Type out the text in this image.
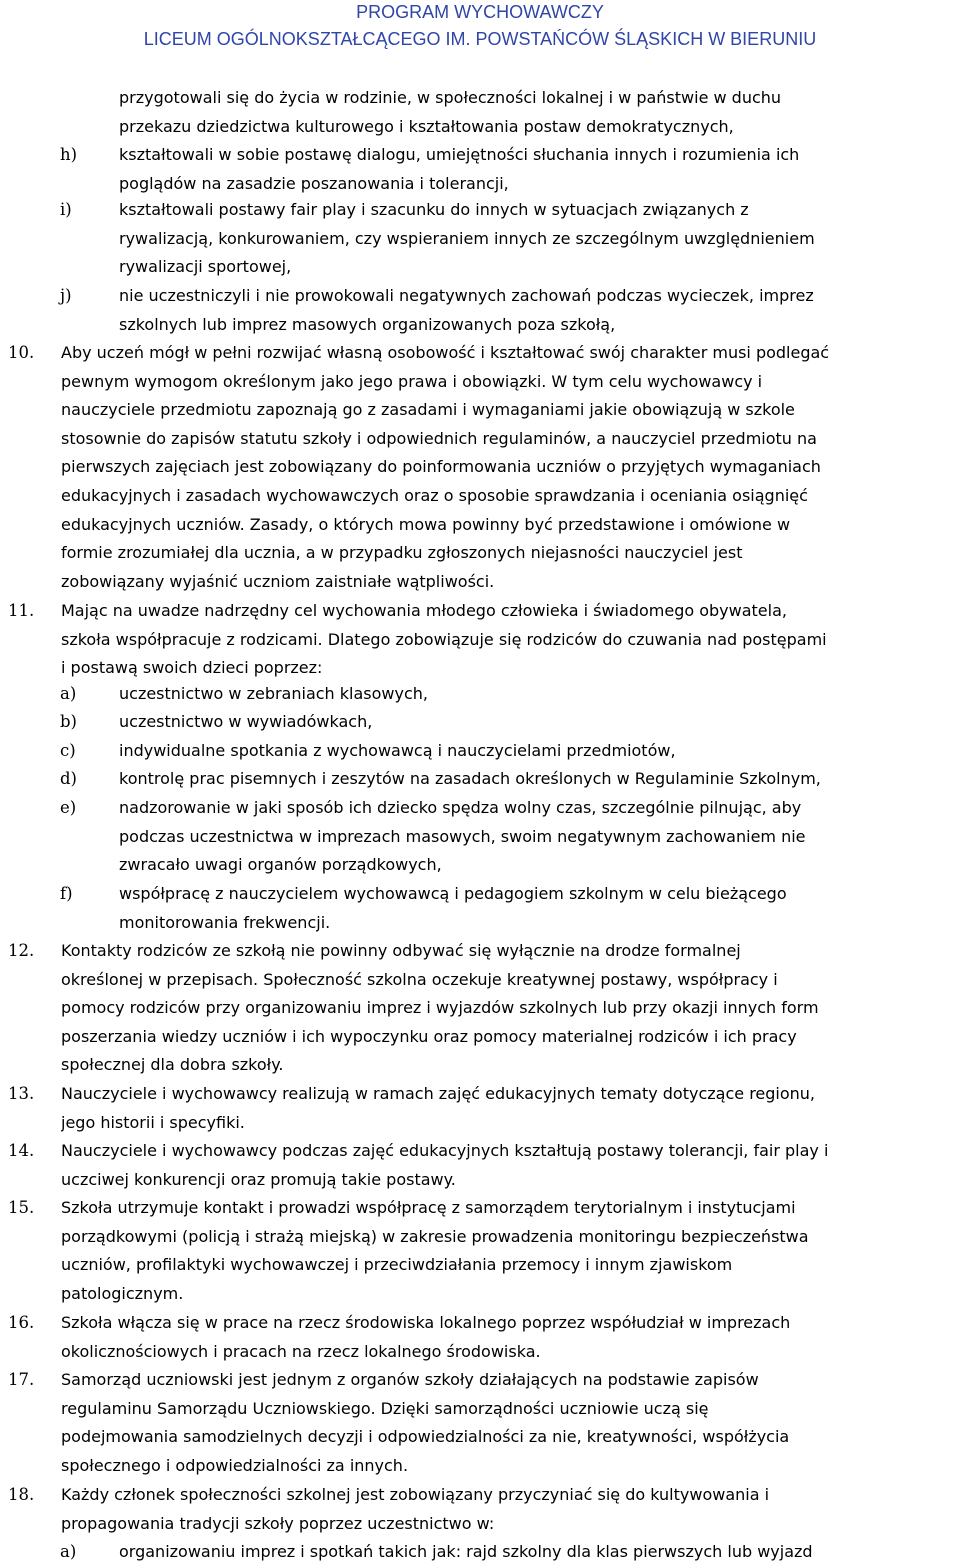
PROGRAM WYCHOWAWCZY
LICEUM OGÓLNOKSZTAŁCĄCEGO IM. POWSTAŃCÓW ŚLĄSKICH W BIERUNIU
przygotowali się do życia w rodzinie, w społeczności lokalnej i w państwie w duchu
przekazu dziedzictwa kulturowego i kształtowania postaw demokratycznych,
h)	kształtowali w sobie postawę dialogu, umiejętności słuchania innych i rozumienia ich
poglądów na zasadzie poszanowania i tolerancji,
i)	kształtowali postawy fair play i szacunku do innych w sytuacjach związanych z
rywalizacją, konkurowaniem, czy wspieraniem innych ze szczególnym uwzględnieniem
rywalizacji sportowej,
j)	nie uczestniczyli i nie prowokowali negatywnych zachowań podczas wycieczek, imprez
szkolnych lub imprez masowych organizowanych poza szkołą,
10. Aby uczeń mógł w pełni rozwijać własną osobowość i kształtować swój charakter musi podlegać
pewnym wymogom określonym jako jego prawa i obowiązki. W tym celu wychowawcy i
nauczyciele przedmiotu zapoznają go z zasadami i wymaganiami jakie obowiązują w szkole
stosownie do zapisów statutu szkoły i odpowiednich regulaminów, a nauczyciel przedmiotu na
pierwszych zajęciach jest zobowiązany do poinformowania uczniów o przyjętych wymaganiach
edukacyjnych i zasadach wychowawczych oraz o sposobie sprawdzania i oceniania osiągnięć
edukacyjnych uczniów. Zasady, o których mowa powinny być przedstawione i omówione w
formie zrozumiałej dla ucznia, a w przypadku zgłoszonych niejasności nauczyciel jest
zobowiązany wyjaśnić uczniom zaistniałe wątpliwości.
11. Mając na uwadze nadrzędny cel wychowania młodego człowieka i świadomego obywatela,
szkoła współpracuje z rodzicami. Dlatego zobowiązuje się rodziców do czuwania nad postępami
i postawą swoich dzieci poprzez:
a)	uczestnictwo w zebraniach klasowych,
b)	uczestnictwo w wywiadówkach,
c)	indywidualne spotkania z wychowawcą i nauczycielami przedmiotów,
d)	kontrolę prac pisemnych i zeszytów na zasadach określonych w Regulaminie Szkolnym,
e)	nadzorowanie w jaki sposób ich dziecko spędza wolny czas, szczególnie pilnując, aby
podczas uczestnictwa w imprezach masowych, swoim negatywnym zachowaniem nie
zwracało uwagi organów porządkowych,
f)	współpracę z nauczycielem wychowawcą i pedagogiem szkolnym w celu bieżącego
monitorowania frekwencji.
12. Kontakty rodziców ze szkołą nie powinny odbywać się wyłącznie na drodze formalnej
określonej w przepisach. Społeczność szkolna oczekuje kreatywnej postawy, współpracy i
pomocy rodziców przy organizowaniu imprez i wyjazdów szkolnych lub przy okazji innych form
poszerzania wiedzy uczniów i ich wypoczynku oraz pomocy materialnej rodziców i ich pracy
społecznej dla dobra szkoły.
13. Nauczyciele i wychowawcy realizują w ramach zajęć edukacyjnych tematy dotyczące regionu,
jego historii i specyfiki.
14. Nauczyciele i wychowawcy podczas zajęć edukacyjnych kształtują postawy tolerancji, fair play i
uczciwej konkurencji oraz promują takie postawy.
15. Szkoła utrzymuje kontakt i prowadzi współpracę z samorządem terytorialnym i instytucjami
porządkowymi (policją i strażą miejską) w zakresie prowadzenia monitoringu bezpieczeństwa
uczniów, profilaktyki wychowawczej i przeciwdziałania przemocy i innym zjawiskom
patologicznym.
16. Szkoła włącza się w prace na rzecz środowiska lokalnego poprzez współudział w imprezach
okolicznościowych i pracach na rzecz lokalnego środowiska.
17. Samorząd uczniowski jest jednym z organów szkoły działających na podstawie zapisów
regulaminu Samorządu Uczniowskiego. Dzięki samorządności uczniowie uczą się
podejmowania samodzielnych decyzji i odpowiedzialności za nie, kreatywności, współżycia
społecznego i odpowiedzialności za innych.
18. Każdy członek społeczności szkolnej jest zobowiązany przyczyniać się do kultywowania i
propagowania tradycji szkoły poprzez uczestnictwo w:
a)	organizowaniu imprez i spotkań takich jak: rajd szkolny dla klas pierwszych lub wyjazd
